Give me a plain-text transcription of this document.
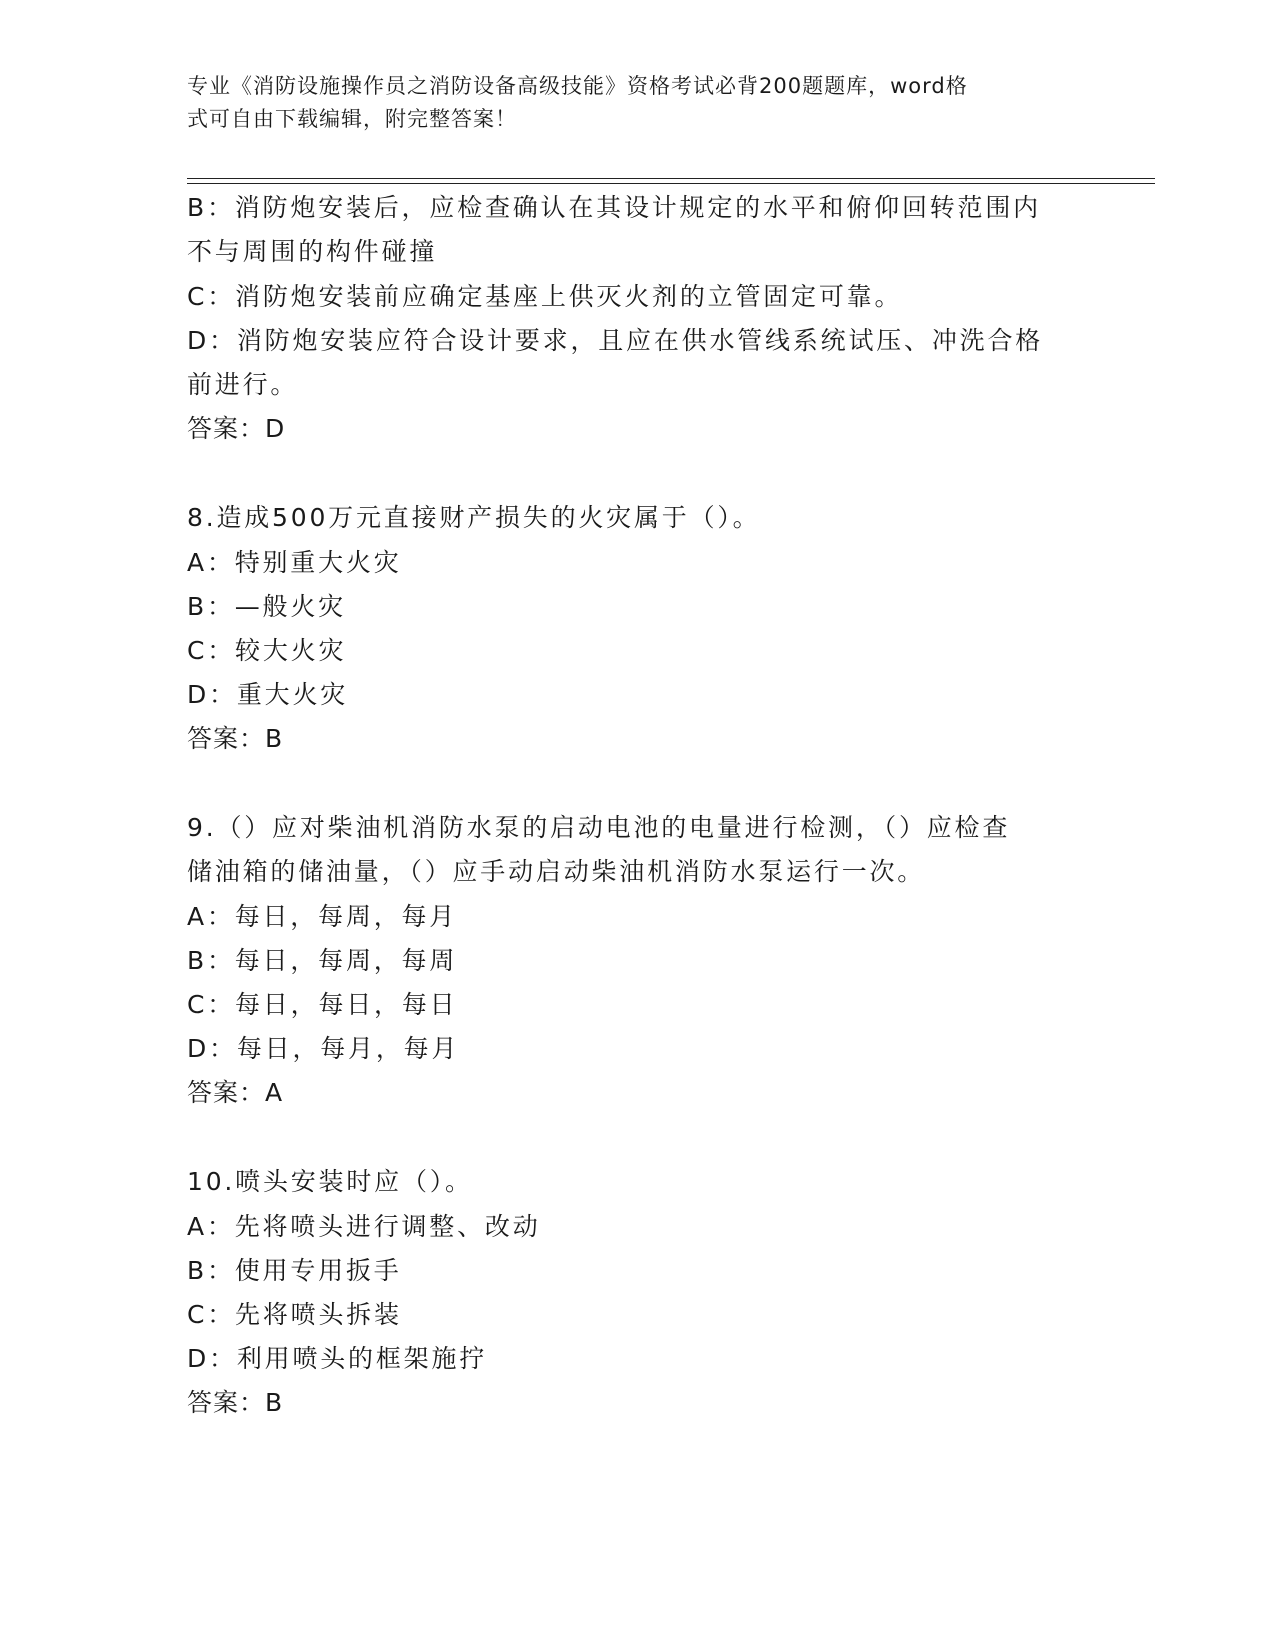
专业《消防设施操作员之消防设备高级技能》资格考试必背200题题库，word格
式可自由下载编辑，附完整答案！
B：消防炮安装后，应检查确认在其设计规定的水平和俯仰回转范围内
不与周围的构件碰撞
C：消防炮安装前应确定基座上供灭火剂的立管固定可靠。
D：消防炮安装应符合设计要求，且应在供水管线系统试压、冲洗合格
前进行。
答案：D
8.造成500万元直接财产损失的火灾属于（）。
A：特别重大火灾
B：—般火灾
C：较大火灾
D：重大火灾
答案：B
9.（）应对柴油机消防水泵的启动电池的电量进行检测，（）应检查
储油箱的储油量，（）应手动启动柴油机消防水泵运行一次。
A：每日，每周，每月
B：每日，每周，每周
C：每日，每日，每日
D：每日，每月，每月
答案：A
10.喷头安装时应（）。
A：先将喷头进行调整、改动
B：使用专用扳手
C：先将喷头拆装
D：利用喷头的框架施拧
答案：B
